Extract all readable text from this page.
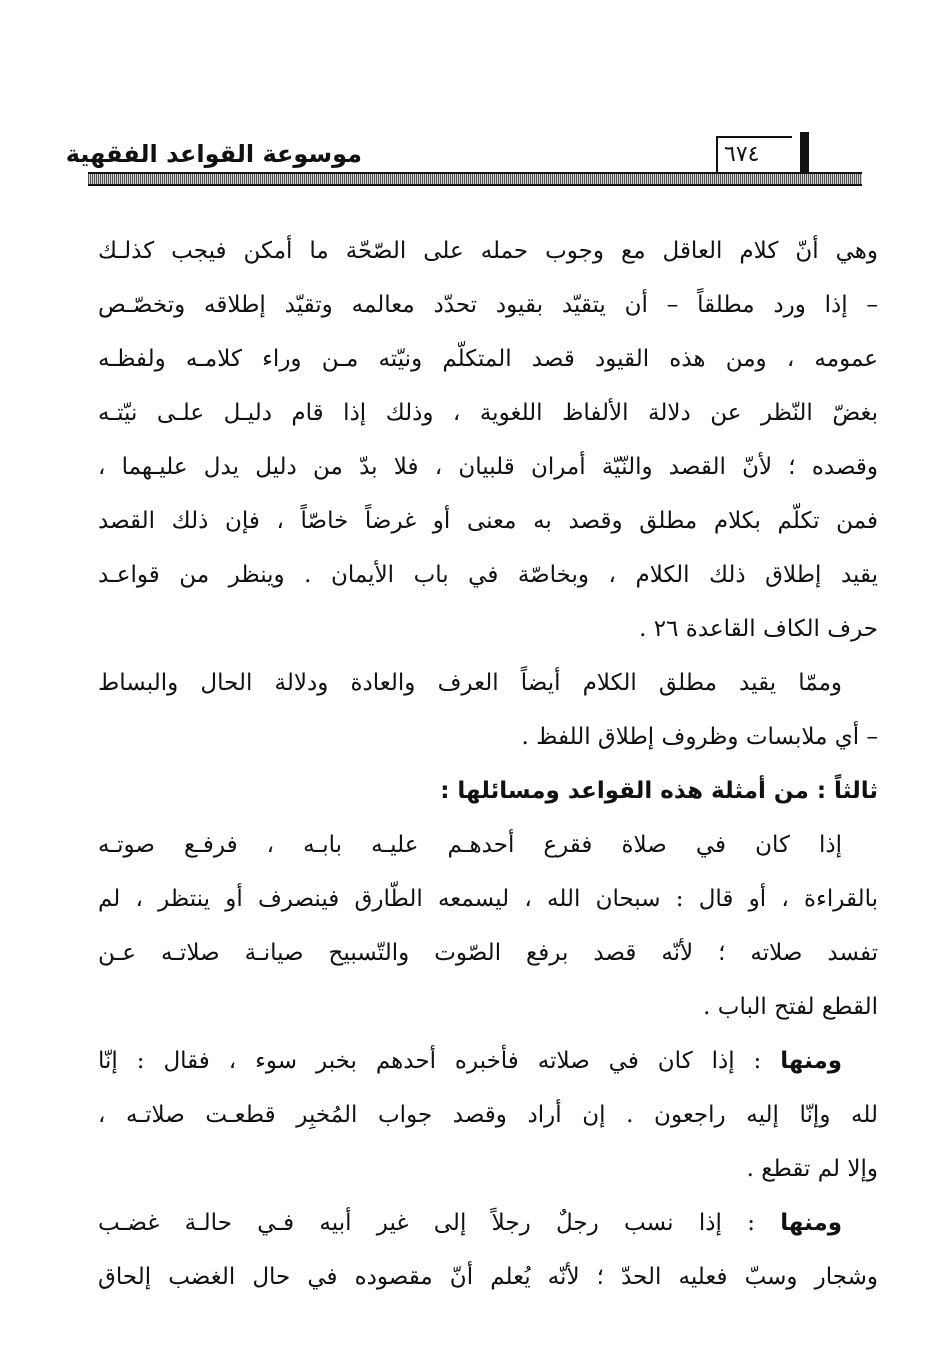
٦٧٤
موسوعة القواعد الفقهية
وهي أنّ كلام العاقل مع وجوب حمله على الصّحّة ما أمكن فيجب كذلـك
– إذا ورد مطلقاً – أن يتقيّد بقيود تحدّد معالمه وتقيّد إطلاقه وتخصّـص
عمومه ، ومن هذه القيود قصد المتكلّم ونيّته مـن وراء كلامـه ولفظـه
بغضّ النّظر عن دلالة الألفاظ اللغوية ، وذلك إذا قام دليـل علـى نيّتـه
وقصده ؛ لأنّ القصد والنّيّة أمران قلبيان ، فلا بدّ من دليل يدل عليـهما ،
فمن تكلّم بكلام مطلق وقصد به معنى أو غرضاً خاصّاً ، فإن ذلك القصد
يقيد إطلاق ذلك الكلام ، وبخاصّة في باب الأيمان . وينظر من قواعـد
حرف الكاف القاعدة ٢٦ .
وممّا يقيد مطلق الكلام أيضاً العرف والعادة ودلالة الحال والبساط
– أي ملابسات وظروف إطلاق اللفظ .
ثالثاً : من أمثلة هذه القواعد ومسائلها :
إذا كان في صلاة فقرع أحدهـم عليـه بابـه ، فرفـع صوتـه
بالقراءة ، أو قال : سبحان الله ، ليسمعه الطّارق فينصرف أو ينتظر ، لم
تفسد صلاته ؛ لأنّه قصد برفع الصّوت والتّسبيح صيانـة صلاتـه عـن
القطع لفتح الباب .
ومنها : إذا كان في صلاته فأخبره أحدهم بخبر سوء ، فقال : إنّا
لله وإنّا إليه راجعون . إن أراد وقصد جواب المُخبِر قطعـت صلاتـه ،
وإلا لم تقطع .
ومنها : إذا نسب رجلٌ رجلاً إلى غير أبيه فـي حالـة غضـب
وشجار وسبّ فعليه الحدّ ؛ لأنّه يُعلم أنّ مقصوده في حال الغضب إلحاق
